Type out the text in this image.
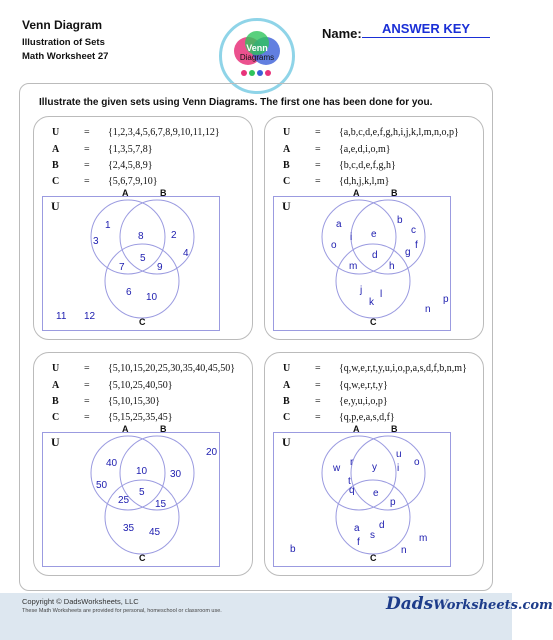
Venn Diagram
Illustration of Sets
Math Worksheet 27
Venn
Diagrams
Name:	ANSWER KEY
Illustrate the given sets using Venn Diagrams. The first one has been done for you.
U = {1,2,3,4,5,6,7,8,9,10,11,12}
A = {1,3,5,7,8}
B	= {2,4,5,8,9}
C = {5,6,7,9,10}
U
A	B
C
1
3	8	2
4
5
7	9
6 10
11 12
U = {a,b,c,d,e,f,g,h,i,j,k,l,m,n,o,p}
A = {a,e,d,i,o,m}
B	= {b,c,d,e,f,g,h}
C = {d,h,j,k,l,m}
U
A	B
C
a
o
i e
b
c
f
g
d
m	h
j l
k
n
p
U = {5,10,15,20,25,30,35,40,45,50}
A = {5,10,25,40,50}
B	= {5,10,15,30}
C = {5,15,25,35,45}
U
A	B
C
40
50
10 30
20
5
25	15
35 45
U = {q,w,e,r,t,y,u,i,o,p,a,s,d,f,b,n,m}
A = {q,w,e,r,t,y}
B	= {e,y,u,i,o,p}
C = {q,p,e,a,s,d,f}
U
A	B
C
w
r
t
y
u
i
o
q e
p
a d
s
f
b
m
n
Copyright © DadsWorksheets, LLC
These Math Worksheets are provided for personal, homeschool or classroom use.	DadsWorksheets.com
